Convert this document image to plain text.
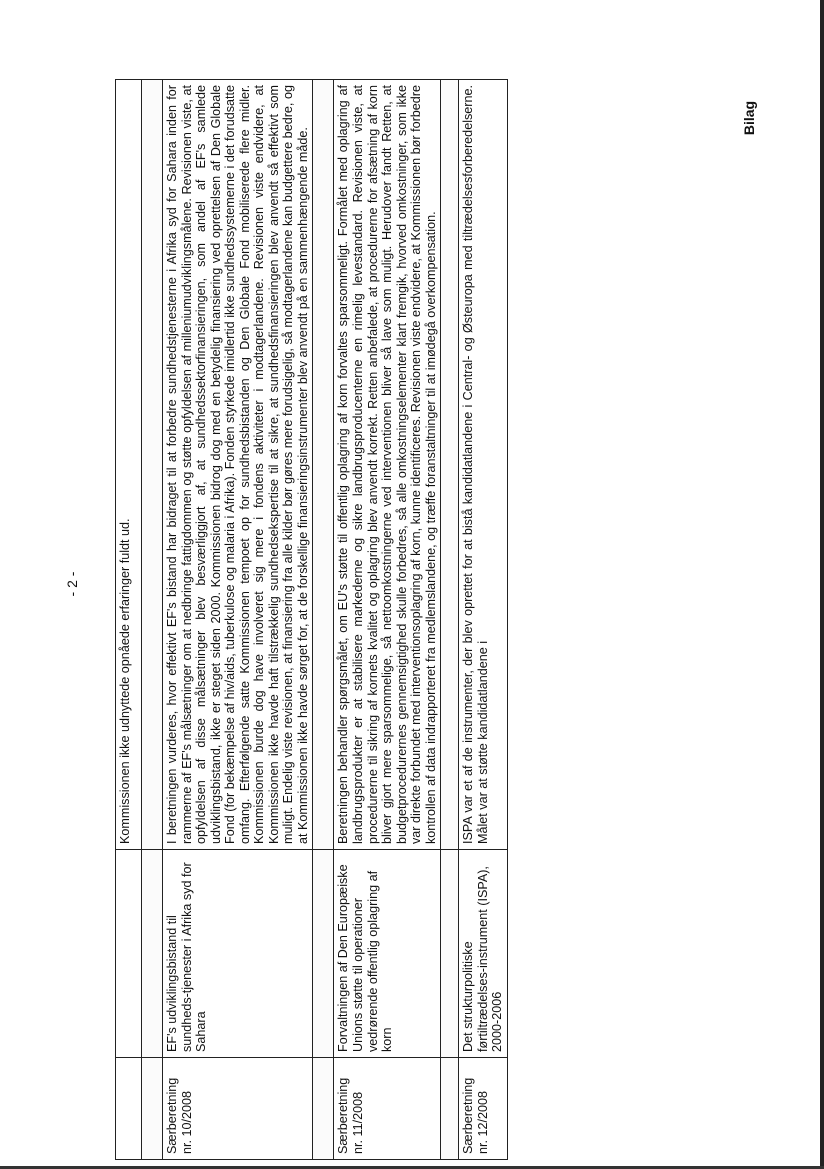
- 2 -
Bilag
		Kommissionen ikke udnyttede opnåede erfaringer fuldt ud.

Særberetning nr. 10/2008	EF's udviklingsbistand til sundheds-tjenester i Afrika syd for Sahara	I beretningen vurderes, hvor effektivt EF's bistand har bidraget til at forbedre sundhedstjenesterne i Afrika syd for Sahara inden for rammerne af EF's målsætninger om at nedbringe fattigdommen og støtte opfyldelsen af milleniumudviklingsmålene. Revisionen viste, at opfyldelsen af disse målsætninger blev besværliggjort af, at sundhedssektorfinansieringen, som andel af EF's samlede udviklingsbistand, ikke er steget siden 2000. Kommissionen bidrog dog med en betydelig finansiering ved oprettelsen af Den Globale Fond (for bekæmpelse af hiv/aids, tuberkulose og malaria i Afrika). Fonden styrkede imidlertid ikke sundhedssystemerne i det forudsatte omfang. Efterfølgende satte Kommissionen tempoet op for sundhedsbistanden og Den Globale Fond mobiliserede flere midler. Kommissionen burde dog have involveret sig mere i fondens aktiviteter i modtagerlandene. Revisionen viste endvidere, at Kommissionen ikke havde haft tilstrækkelig sundhedsekspertise til at sikre, at sundhedsfinansieringen blev anvendt så effektivt som muligt. Endelig viste revisionen, at finansiering fra alle kilder bør gøres mere forudsigelig, så modtagerlandene kan budgettere bedre, og at Kommissionen ikke havde sørget for, at de forskellige finansieringsinstrumenter blev anvendt på en sammenhængende måde.

Særberetning nr. 11/2008	Forvaltningen af Den Europæiske Unions støtte til operationer vedrørende offentlig oplagring af korn	Beretningen behandler spørgsmålet, om EU's støtte til offentlig oplagring af korn forvaltes sparsommeligt. Formålet med oplagring af landbrugsprodukter er at stabilisere markederne og sikre landbrugsproducenterne en rimelig levestandard. Revisionen viste, at procedurerne til sikring af kornets kvalitet og oplagring blev anvendt korrekt. Retten anbefalede, at procedurerne for afsætning af korn bliver gjort mere sparsommelige, så nettoomkostningerne ved interventionen bliver så lave som muligt. Herudover fandt Retten, at budgetprocedurernes gennemsigtighed skulle forbedres, så alle omkostningselementer klart fremgik, hvorved omkostninger, som ikke var direkte forbundet med interventionsoplagring af korn, kunne identificeres. Revisionen viste endvidere, at Kommissionen bør forbedre kontrollen af data indrapporteret fra medlemslandene, og træffe foranstaltninger til at imødegå overkompensation.

Særberetning nr. 12/2008	Det strukturpolitiske førtiltrædelses-instrument (ISPA), 2000-2006	ISPA var et af de instrumenter, der blev oprettet for at bistå kandidatlandene i Central- og Østeuropa med tiltrædelsesforberedelserne. Målet var at støtte kandidatlandene i
